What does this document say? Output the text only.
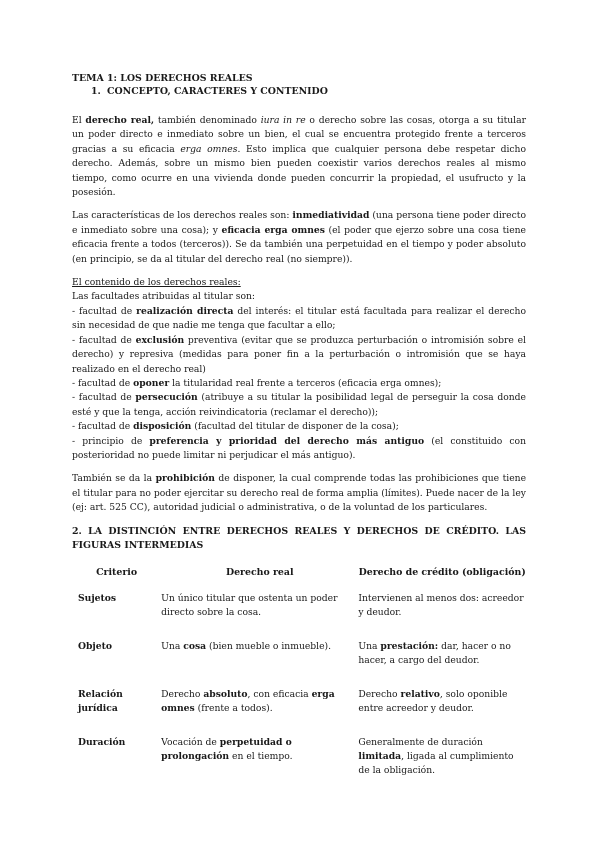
TEMA 1: LOS DERECHOS REALES
1. CONCEPTO, CARACTERES Y CONTENIDO

El derecho real, también denominado iura in re o derecho sobre las cosas, otorga a su titular un poder directo e inmediato sobre un bien, el cual se encuentra protegido frente a terceros gracias a su eficacia erga omnes. Esto implica que cualquier persona debe respetar dicho derecho. Además, sobre un mismo bien pueden coexistir varios derechos reales al mismo tiempo, como ocurre en una vivienda donde pueden concurrir la propiedad, el usufructo y la posesión.

Las características de los derechos reales son: inmediatividad (una persona tiene poder directo e inmediato sobre una cosa); y eficacia erga omnes (el poder que ejerzo sobre una cosa tiene eficacia frente a todos (terceros)). Se da también una perpetuidad en el tiempo y poder absoluto (en principio, se da al titular del derecho real (no siempre)).

El contenido de los derechos reales:

Las facultades atribuidas al titular son:

- facultad de realización directa del interés: el titular está facultada para realizar el derecho sin necesidad de que nadie me tenga que facultar a ello;

- facultad de exclusión preventiva (evitar que se produzca perturbación o intromisión sobre el derecho) y represiva (medidas para poner fin a la perturbación o intromisión que se haya realizado en el derecho real)

- facultad de oponer la titularidad real frente a terceros (eficacia erga omnes);

- facultad de persecución (atribuye a su titular la posibilidad legal de perseguir la cosa donde esté y que la tenga, acción reivindicatoria (reclamar el derecho));

- facultad de disposición (facultad del titular de disponer de la cosa);

- principio de preferencia y prioridad del derecho más antiguo (el constituido con posterioridad no puede limitar ni perjudicar el más antiguo).

También se da la prohibición de disponer, la cual comprende todas las prohibiciones que tiene el titular para no poder ejercitar su derecho real de forma amplia (límites). Puede nacer de la ley (ej: art. 525 CC), autoridad judicial o administrativa, o de la voluntad de los particulares.

2. LA DISTINCIÓN ENTRE DERECHOS REALES Y DERECHOS DE CRÉDITO. LAS FIGURAS INTERMEDIAS

Criterio	Derecho real	Derecho de crédito (obligación)
Sujetos	Un único titular que ostenta un poder directo sobre la cosa.	Intervienen al menos dos: acreedor y deudor.
Objeto	Una cosa (bien mueble o inmueble).	Una prestación: dar, hacer o no hacer, a cargo del deudor.
Relación jurídica	Derecho absoluto, con eficacia erga omnes (frente a todos).	Derecho relativo, solo oponible entre acreedor y deudor.
Duración	Vocación de perpetuidad o prolongación en el tiempo.	Generalmente de duración limitada, ligada al cumplimiento de la obligación.
